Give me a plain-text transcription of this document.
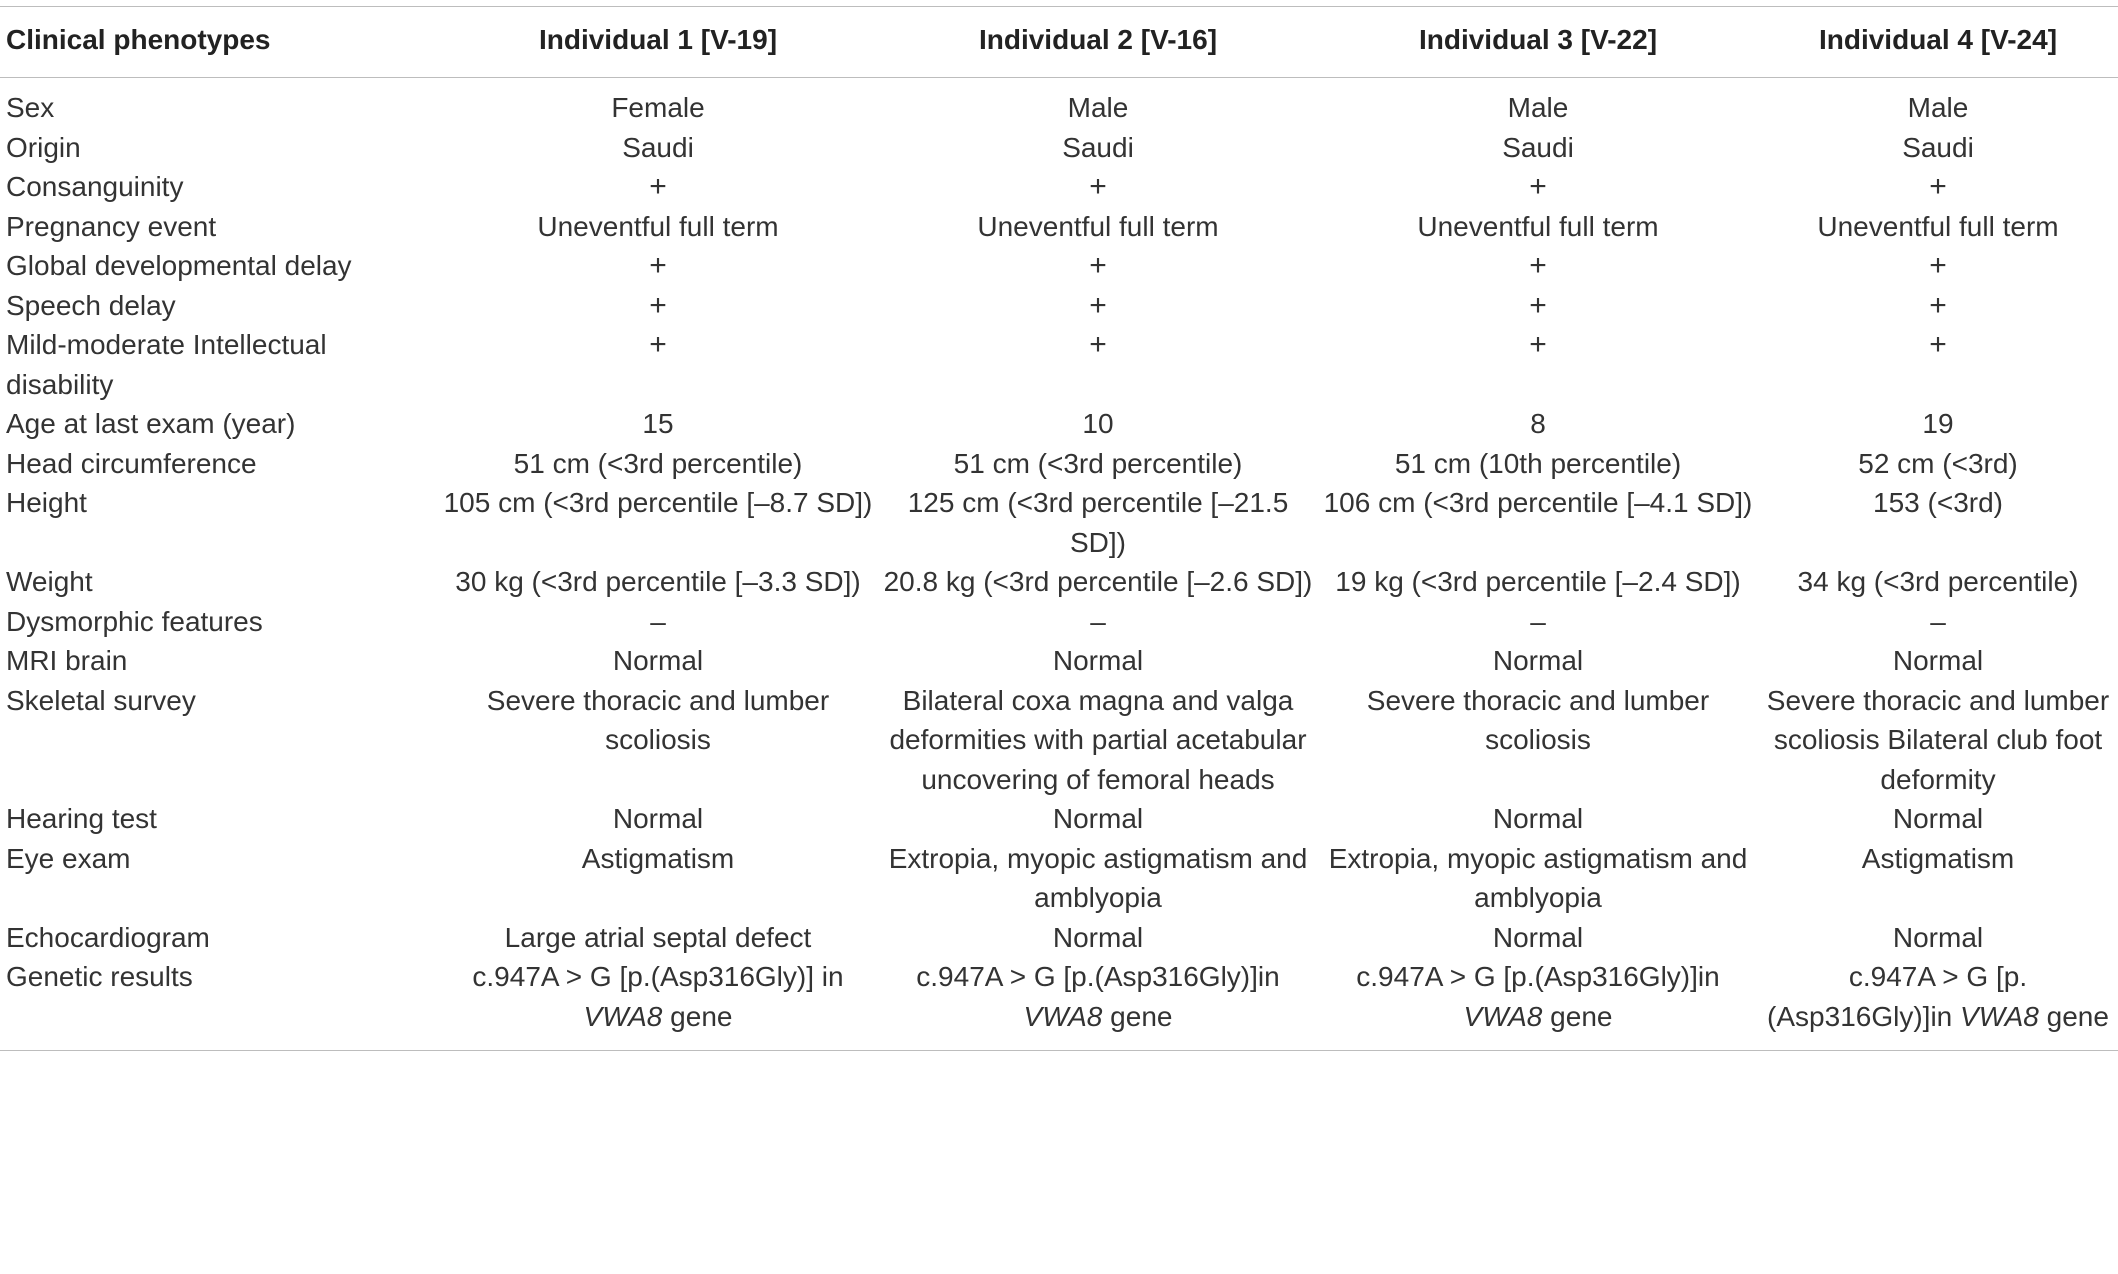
Clinical phenotypes	Individual 1 [V-19]	Individual 2 [V-16]	Individual 3 [V-22]	Individual 4 [V-24]
Sex	Female	Male	Male	Male
Origin	Saudi	Saudi	Saudi	Saudi
Consanguinity	+	+	+	+
Pregnancy event	Uneventful full term	Uneventful full term	Uneventful full term	Uneventful full term
Global developmental delay	+	+	+	+
Speech delay	+	+	+	+
Mild-moderate Intellectual disability	+	+	+	+
Age at last exam (year)	15	10	8	19
Head circumference	51 cm (<3rd percentile)	51 cm (<3rd percentile)	51 cm (10th percentile)	52 cm (<3rd)
Height	105 cm (<3rd percentile [–8.7 SD])	125 cm (<3rd percentile [–21.5 SD])	106 cm (<3rd percentile [–4.1 SD])	153 (<3rd)
Weight	30 kg (<3rd percentile [–3.3 SD])	20.8 kg (<3rd percentile [–2.6 SD])	19 kg (<3rd percentile [–2.4 SD])	34 kg (<3rd percentile)
Dysmorphic features	–	–	–	–
MRI brain	Normal	Normal	Normal	Normal
Skeletal survey	Severe thoracic and lumber scoliosis	Bilateral coxa magna and valga deformities with partial acetabular uncovering of femoral heads	Severe thoracic and lumber scoliosis	Severe thoracic and lumber scoliosis Bilateral club foot deformity
Hearing test	Normal	Normal	Normal	Normal
Eye exam	Astigmatism	Extropia, myopic astigmatism and amblyopia	Extropia, myopic astigmatism and amblyopia	Astigmatism
Echocardiogram	Large atrial septal defect	Normal	Normal	Normal
Genetic results	c.947A > G [p.(Asp316Gly)] in VWA8 gene	c.947A > G [p.(Asp316Gly)]in VWA8 gene	c.947A > G [p.(Asp316Gly)]in VWA8 gene	c.947A > G [p.(Asp316Gly)]in VWA8 gene
